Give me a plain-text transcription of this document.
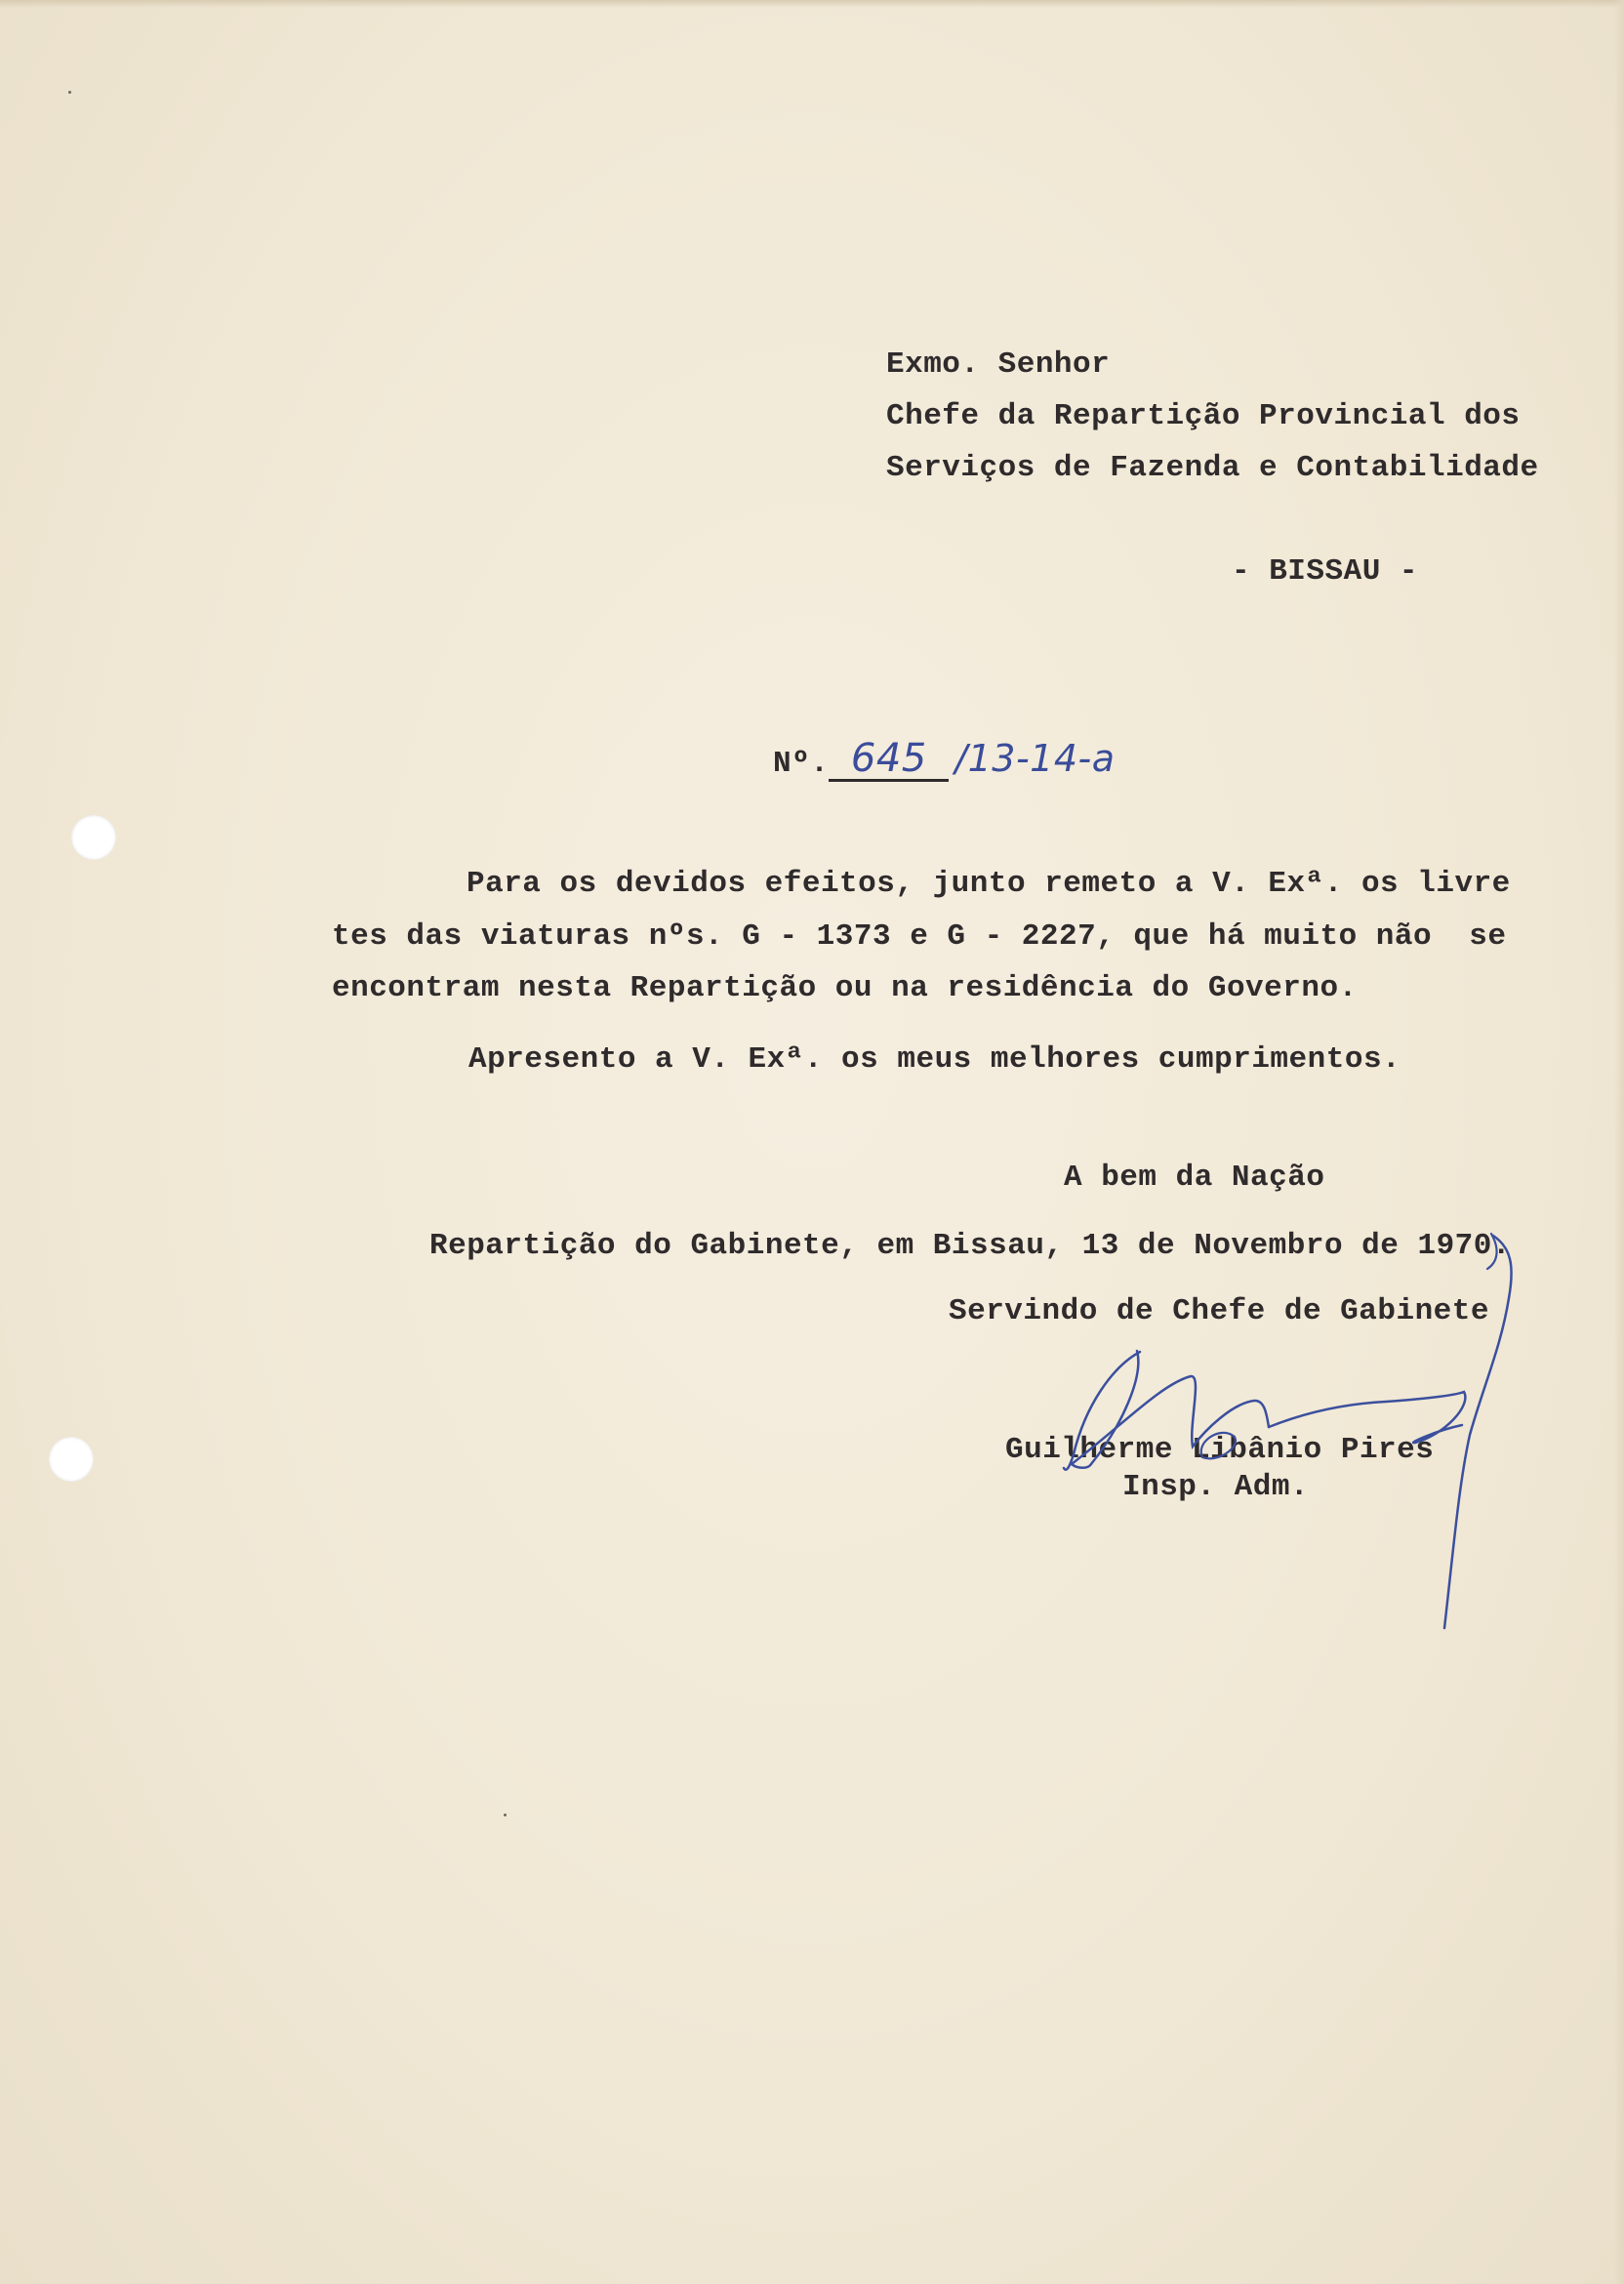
Exmo. Senhor
Chefe da Repartição Provincial dos
Serviços de Fazenda e Contabilidade
- BISSAU -
Nº. 645 /13-14-a
Para os devidos efeitos, junto remeto a V. Exª. os livre
tes das viaturas nºs. G - 1373 e G - 2227, que há muito não  se
encontram nesta Repartição ou na residência do Governo.
Apresento a V. Exª. os meus melhores cumprimentos.
A bem da Nação
Repartição do Gabinete, em Bissau, 13 de Novembro de 1970.
Servindo de Chefe de Gabinete
Guilherme Libânio Pires
Insp. Adm.
